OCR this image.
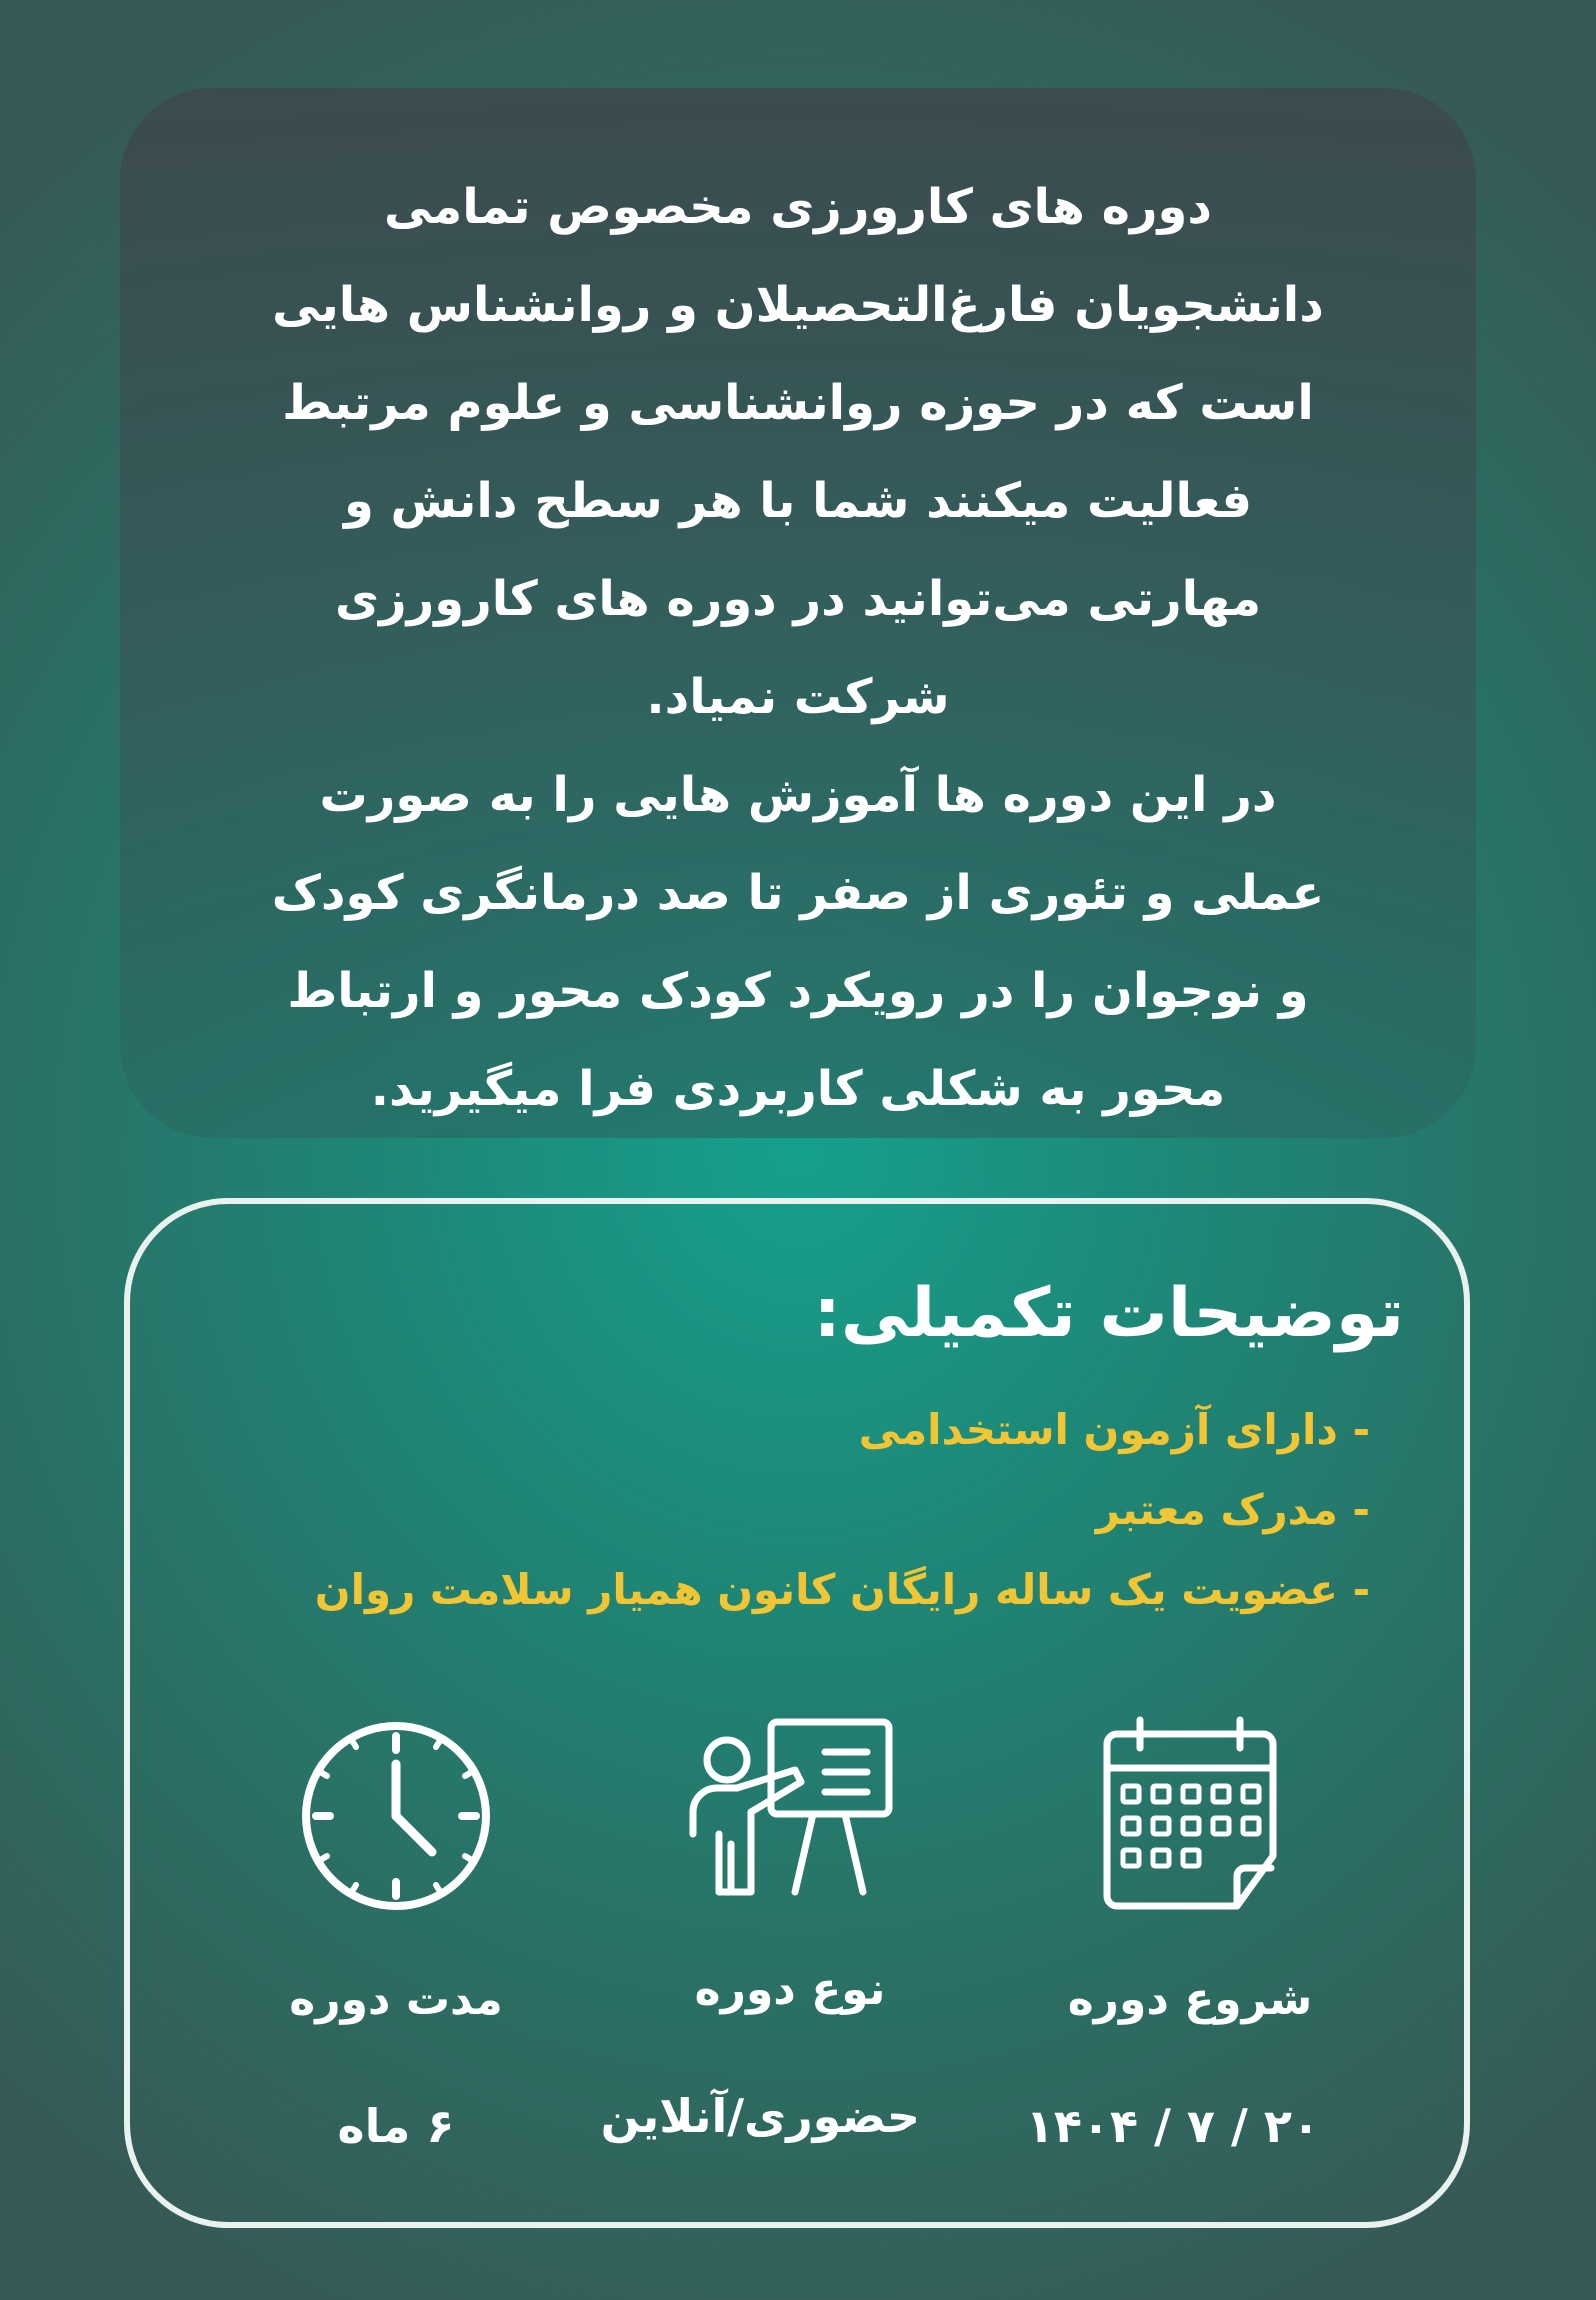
دوره های کارورزی مخصوص تمامی دانشجویان فارغ‌التحصیلان و روانشناس هایی است که در حوزه روانشناسی و علوم مرتبط فعالیت میکنند شما با هر سطح دانش و مهارتی می‌توانید در دوره های کارورزی شرکت نمیاد.

در این دوره ها آموزش هایی را به صورت عملی و تئوری از صفر تا صد درمانگری کودک و نوجوان را در رویکرد کودک محور و ارتباط محور به شکلی کاربردی فرا میگیرید.

توضیحات تکمیلی:
- دارای آزمون استخدامی
- مدرک معتبر
- عضویت یک ساله رایگان کانون همیار سلامت روان
شروع دوره
۲۰ / ۷ / ۱۴۰۴
نوع دوره
حضوری/آنلاین
مدت دوره
۶ ماه
